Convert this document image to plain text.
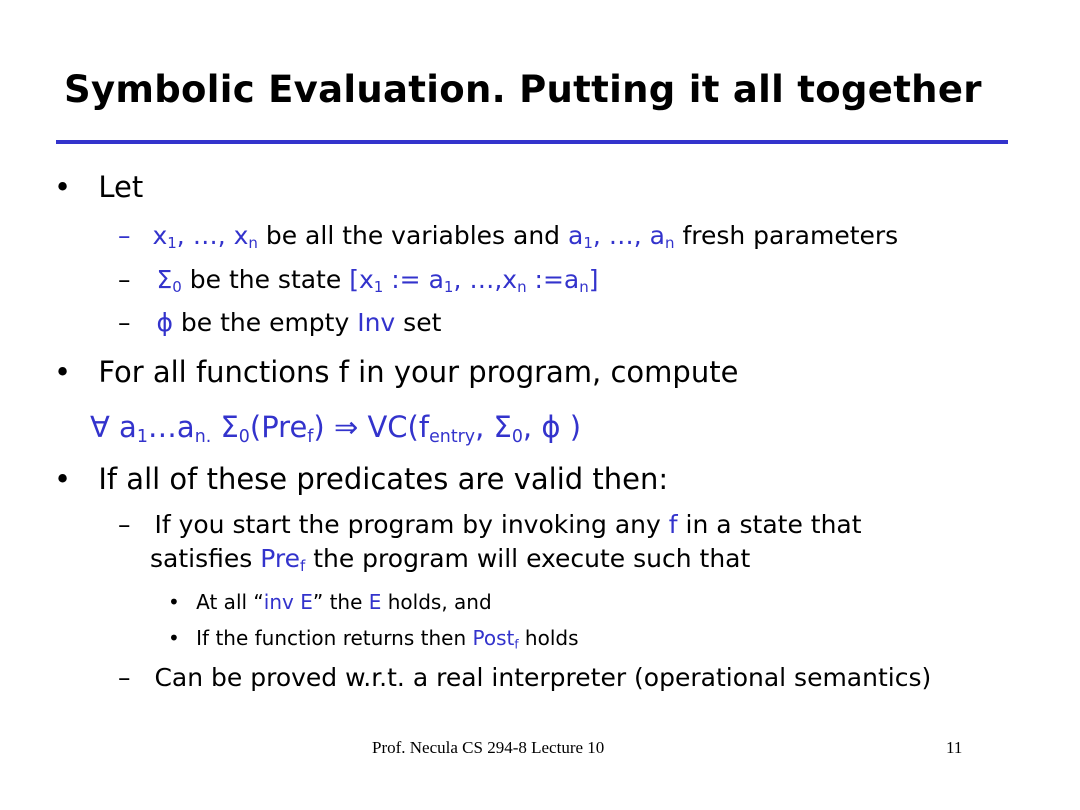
Symbolic Evaluation. Putting it all together
• Let
– $x_1$, …, $x_n$ be all the variables and $a_1$, …, $a_n$ fresh parameters
– $\Sigma_0$ be the state [$x_1$ := $a_1$, $\dots,x_n$ $:=a_n$]
– ϕ be the empty Inv set
• For all functions f in your program, compute
∀ $a_1\dots a_{n.}$ $\Sigma_0(Pre_f)$ ⇒ $VC(f_{entry}$, $\Sigma_0$, ϕ )
• If all of these predicates are valid then:
– If you start the program by invoking any f in a state that
satisfies Pre$_f$ the program will execute such that
• At all “inv E” the E holds, and
• If the function returns then Post$_f$ holds
– Can be proved w.r.t. a real interpreter (operational semantics)
Prof. Necula CS 294-8 Lecture 10	11
